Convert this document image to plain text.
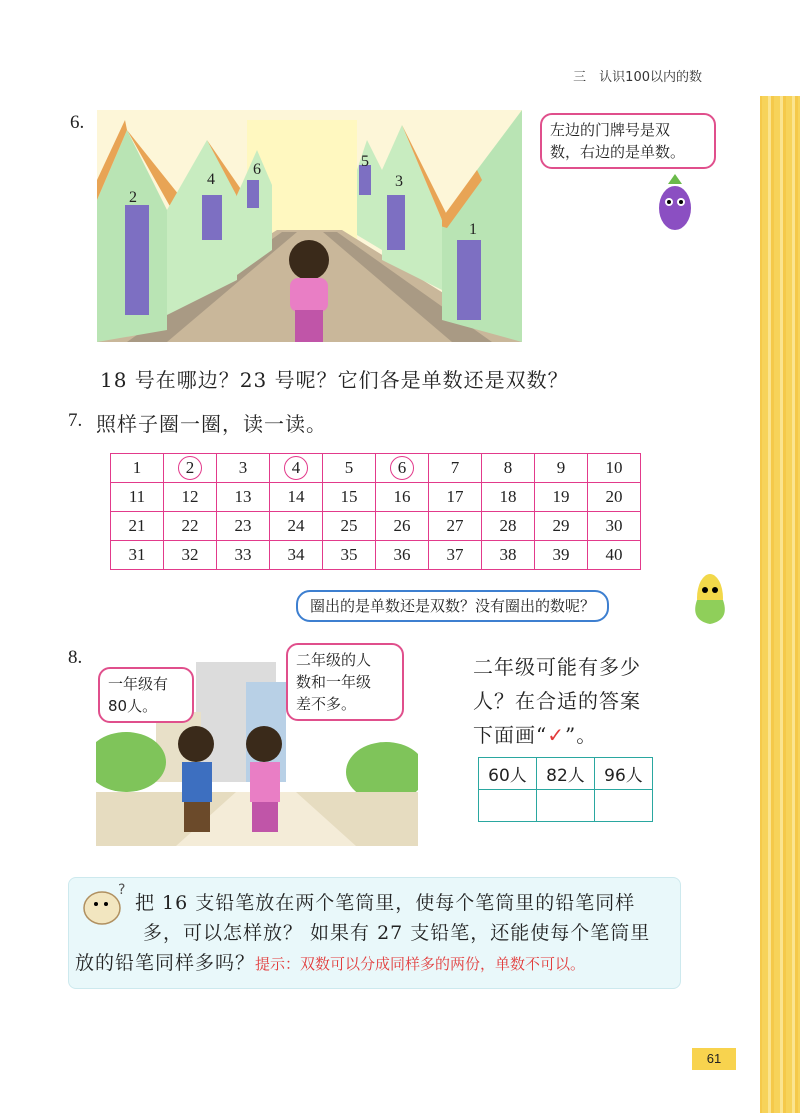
三　认识100以内的数
6.
2
4
6	5
3
1
左边的门牌号是双
数，右边的是单数。
18 号在哪边？23 号呢？它们各是单数还是双数？
7. 照样子圈一圈，读一读。
1	2	3	4	5	6	7	8	9	10
11	12	13	14	15	16	17	18	19	20
21	22	23	24	25	26	27	28	29	30
31	32	33	34	35	36	37	38	39	40
圈出的是单数还是双数？没有圈出的数呢？
8.
一年级有
80人。
二年级的人
数和一年级
差不多。
二年级可能有多少
人？在合适的答案
下面画“✓”。
60人	82人	96人

?
把 16 支铅笔放在两个笔筒里，使每个笔筒里的铅笔同样
多，可以怎样放？ 如果有 27 支铅笔，还能使每个笔筒里
放的铅笔同样多吗？提示：双数可以分成同样多的两份，单数不可以。
61
